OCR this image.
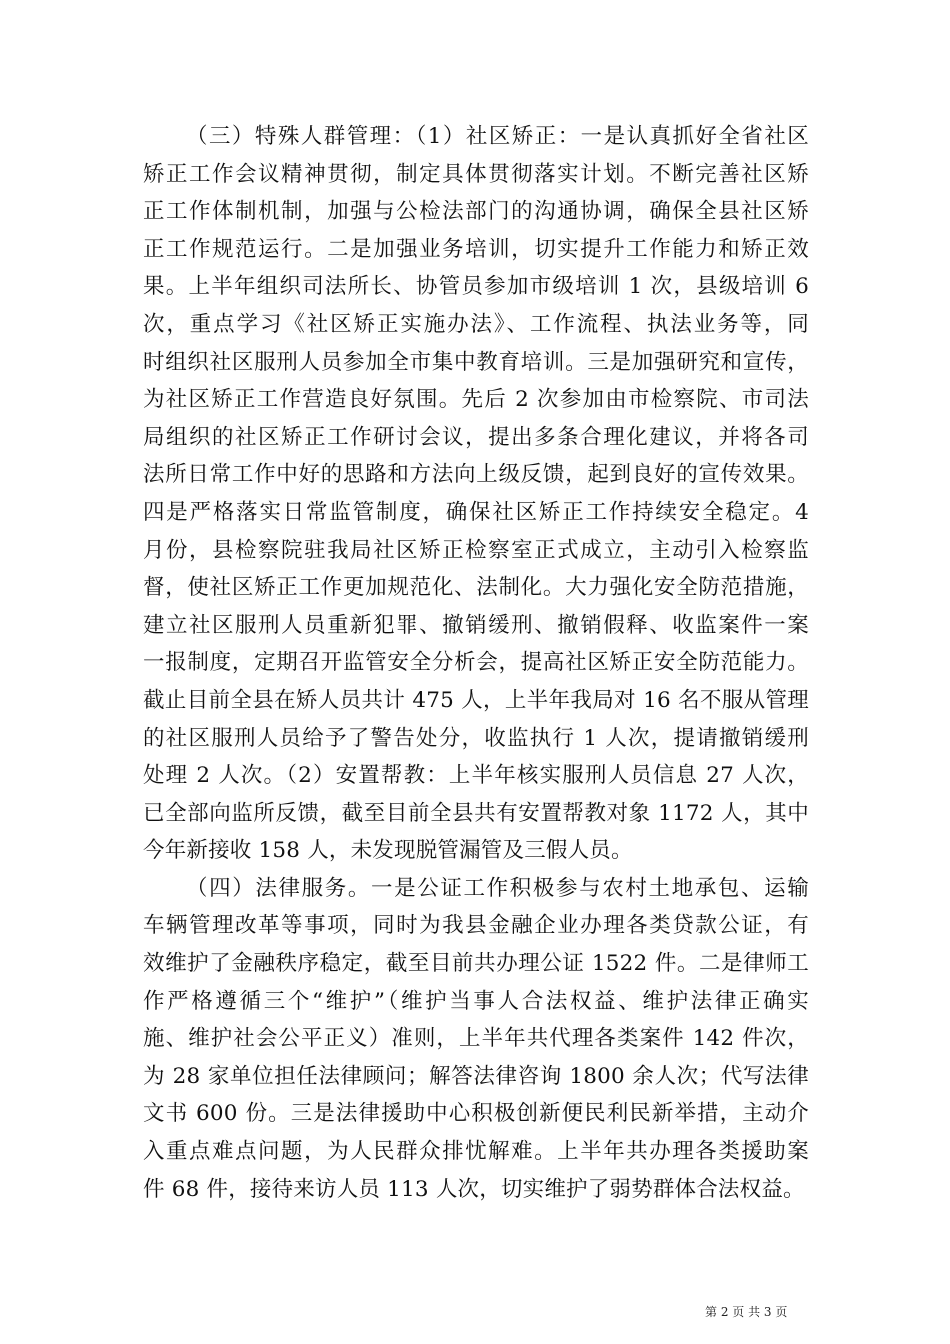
（三）特殊人群管理：（1）社区矫正：一是认真抓好全省社区
矫正工作会议精神贯彻，制定具体贯彻落实计划。不断完善社区矫
正工作体制机制，加强与公检法部门的沟通协调，确保全县社区矫
正工作规范运行。二是加强业务培训，切实提升工作能力和矫正效
果。上半年组织司法所长、协管员参加市级培训 1 次，县级培训 6
次，重点学习《社区矫正实施办法》、工作流程、执法业务等，同
时组织社区服刑人员参加全市集中教育培训。三是加强研究和宣传，
为社区矫正工作营造良好氛围。先后 2 次参加由市检察院、市司法
局组织的社区矫正工作研讨会议，提出多条合理化建议，并将各司
法所日常工作中好的思路和方法向上级反馈，起到良好的宣传效果。
四是严格落实日常监管制度，确保社区矫正工作持续安全稳定。4
月份，县检察院驻我局社区矫正检察室正式成立，主动引入检察监
督，使社区矫正工作更加规范化、法制化。大力强化安全防范措施，
建立社区服刑人员重新犯罪、撤销缓刑、撤销假释、收监案件一案
一报制度，定期召开监管安全分析会，提高社区矫正安全防范能力。
截止目前全县在矫人员共计 475 人，上半年我局对 16 名不服从管理
的社区服刑人员给予了警告处分，收监执行 1 人次，提请撤销缓刑
处理 2 人次。（2）安置帮教：上半年核实服刑人员信息 27 人次，
已全部向监所反馈，截至目前全县共有安置帮教对象 1172 人，其中
今年新接收 158 人，未发现脱管漏管及三假人员。
（四）法律服务。一是公证工作积极参与农村土地承包、运输
车辆管理改革等事项，同时为我县金融企业办理各类贷款公证，有
效维护了金融秩序稳定，截至目前共办理公证 1522 件。二是律师工
作严格遵循三个“维护”（维护当事人合法权益、维护法律正确实
施、维护社会公平正义）准则，上半年共代理各类案件 142 件次，
为 28 家单位担任法律顾问；解答法律咨询 1800 余人次；代写法律
文书 600 份。三是法律援助中心积极创新便民利民新举措，主动介
入重点难点问题，为人民群众排忧解难。上半年共办理各类援助案
件 68 件，接待来访人员 113 人次，切实维护了弱势群体合法权益。
第 2 页 共 3 页
